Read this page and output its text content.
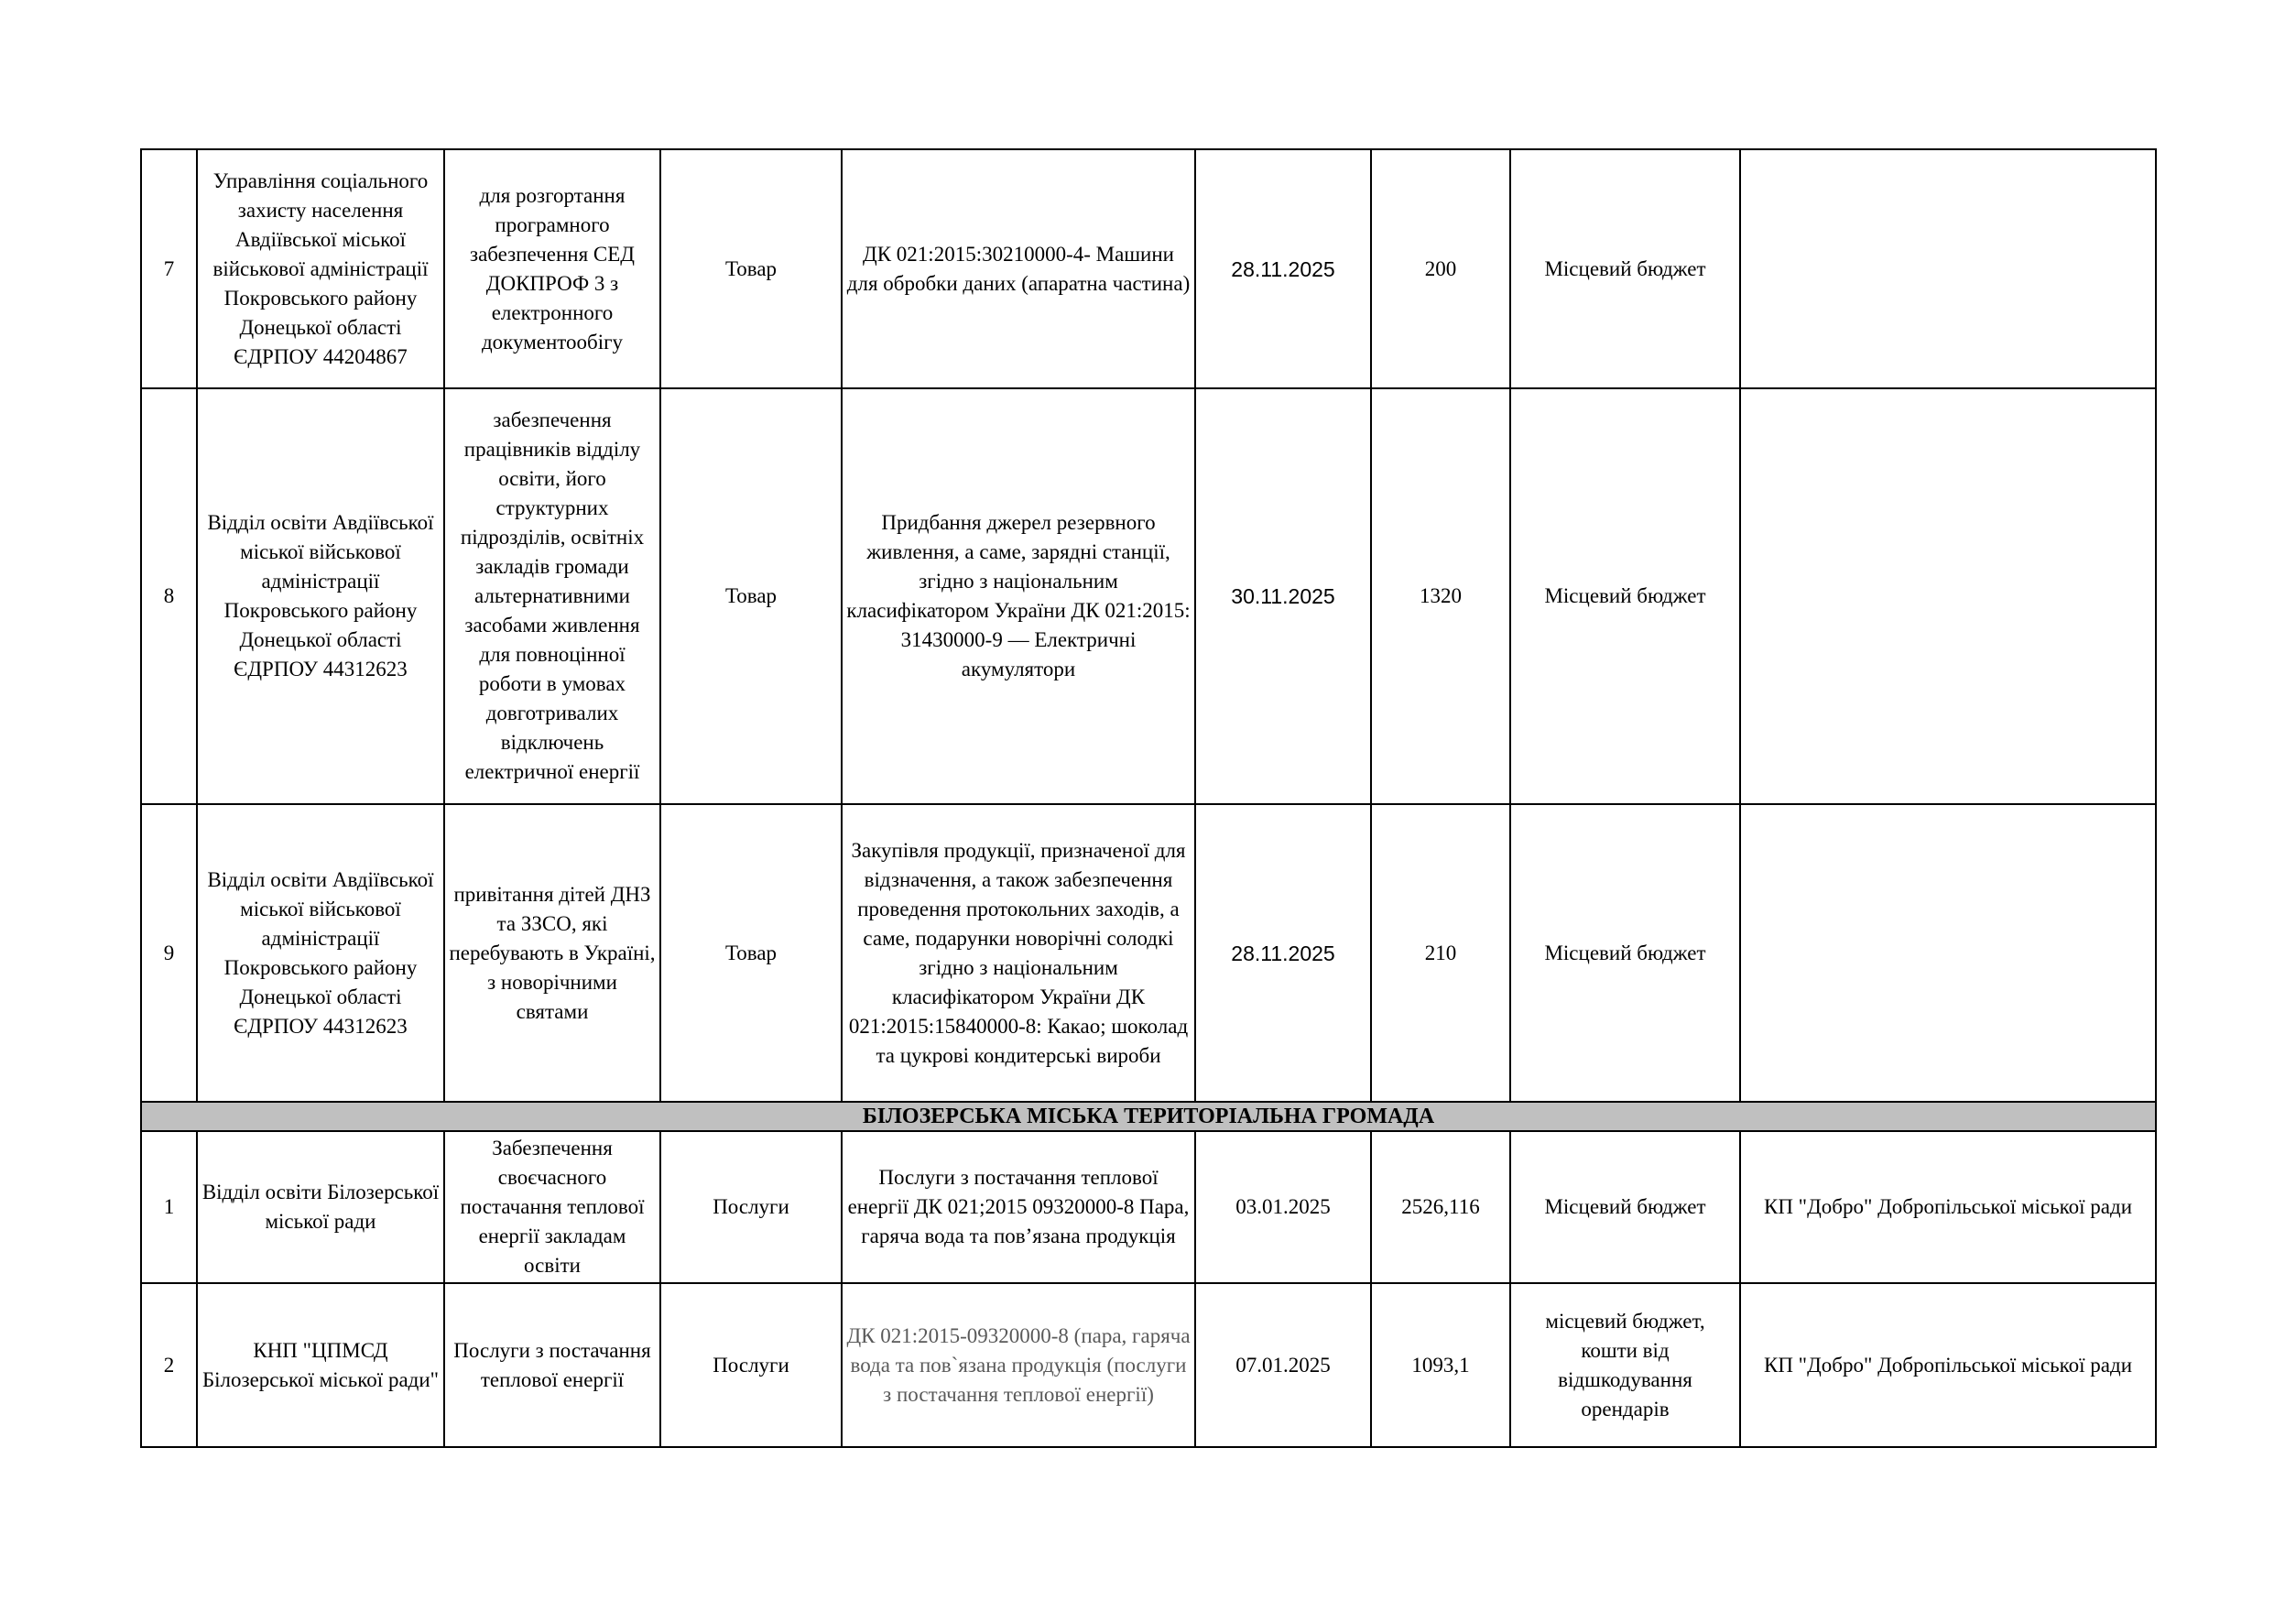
7	Управління соціального захисту населення Авдіївської міської військової адміністрації Покровського району Донецької області ЄДРПОУ 44204867	для розгортання програмного забезпечення СЕД ДОКПРОФ 3 з електронного документообігу	Товар	ДК 021:2015:30210000-4- Машини для обробки даних (апаратна частина)	28.11.2025	200	Місцевий бюджет	
8	Відділ освіти Авдіївської міської військової адміністрації Покровського району Донецької області ЄДРПОУ 44312623	забезпечення працівників відділу освіти, його структурних підрозділів, освітніх закладів громади альтернативними засобами живлення для повноцінної роботи в умовах довготривалих відключень електричної енергії	Товар	Придбання джерел резервного живлення, а саме, зарядні станції, згідно з національним класифікатором України ДК 021:2015: 31430000-9 — Електричні акумулятори	30.11.2025	1320	Місцевий бюджет	
9	Відділ освіти Авдіївської міської військової адміністрації Покровського району Донецької області ЄДРПОУ 44312623	привітання дітей ДНЗ та ЗЗСО, які перебувають в Україні, з новорічними святами	Товар	Закупівля продукції, призначеної для відзначення, а також забезпечення проведення протокольних заходів, а саме, подарунки новорічні солодкі згідно з національним класифікатором України ДК 021:2015:15840000-8: Какао; шоколад та цукрові кондитерські вироби	28.11.2025	210	Місцевий бюджет	
БІЛОЗЕРСЬКА МІСЬКА ТЕРИТОРІАЛЬНА ГРОМАДА								
1	Відділ освіти Білозерської міської ради	Забезпечення своєчасного постачання теплової енергії закладам освіти	Послуги	Послуги з постачання теплової енергії ДК 021;2015 09320000-8 Пара, гаряча вода та пов’язана продукція	03.01.2025	2526,116	Місцевий бюджет	КП "Добро" Добропільської міської ради
2	КНП "ЦПМСД Білозерської міської ради"	Послуги з постачання теплової енергії	Послуги	ДК 021:2015-09320000-8 (пара, гаряча вода та пов`язана продукція (послуги з постачання теплової енергії)	07.01.2025	1093,1	місцевий бюджет, кошти від відшкодування орендарів	КП "Добро" Добропільської міської ради
